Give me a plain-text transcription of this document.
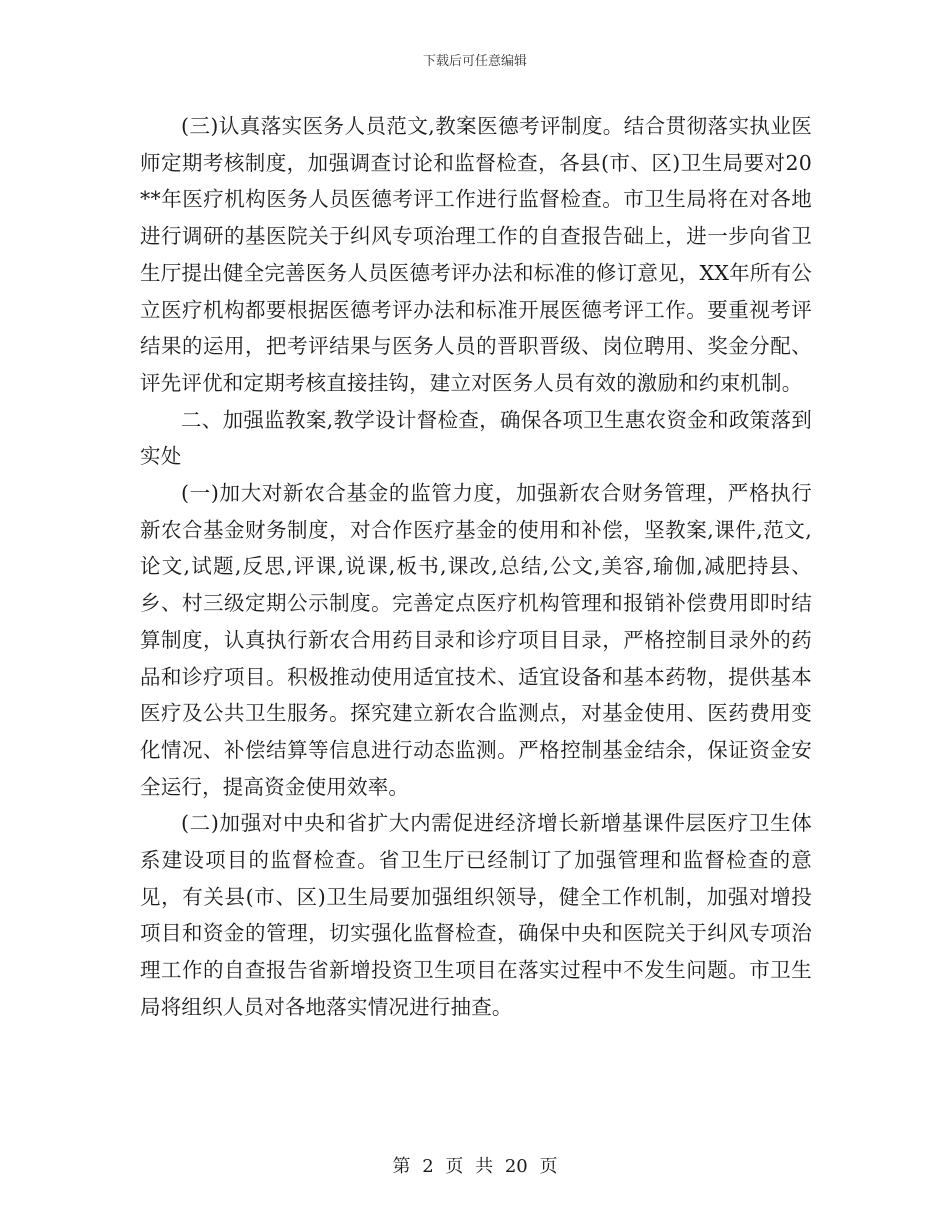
下载后可任意编辑

(三)认真落实医务人员范文,教案医德考评制度。结合贯彻落实执业医师定期考核制度，加强调查讨论和监督检查，各县(市、区)卫生局要对20**年医疗机构医务人员医德考评工作进行监督检查。市卫生局将在对各地进行调研的基医院关于纠风专项治理工作的自查报告础上，进一步向省卫生厅提出健全完善医务人员医德考评办法和标准的修订意见，XX年所有公立医疗机构都要根据医德考评办法和标准开展医德考评工作。要重视考评结果的运用，把考评结果与医务人员的晋职晋级、岗位聘用、奖金分配、评先评优和定期考核直接挂钩，建立对医务人员有效的激励和约束机制。

二、加强监教案,教学设计督检查，确保各项卫生惠农资金和政策落到实处

(一)加大对新农合基金的监管力度，加强新农合财务管理，严格执行新农合基金财务制度，对合作医疗基金的使用和补偿，坚教案,课件,范文,论文,试题,反思,评课,说课,板书,课改,总结,公文,美容,瑜伽,减肥持县、乡、村三级定期公示制度。完善定点医疗机构管理和报销补偿费用即时结算制度，认真执行新农合用药目录和诊疗项目目录，严格控制目录外的药品和诊疗项目。积极推动使用适宜技术、适宜设备和基本药物，提供基本医疗及公共卫生服务。探究建立新农合监测点，对基金使用、医药费用变化情况、补偿结算等信息进行动态监测。严格控制基金结余，保证资金安全运行，提高资金使用效率。

(二)加强对中央和省扩大内需促进经济增长新增基课件层医疗卫生体系建设项目的监督检查。省卫生厅已经制订了加强管理和监督检查的意见，有关县(市、区)卫生局要加强组织领导，健全工作机制，加强对增投项目和资金的管理，切实强化监督检查，确保中央和医院关于纠风专项治理工作的自查报告省新增投资卫生项目在落实过程中不发生问题。市卫生局将组织人员对各地落实情况进行抽查。

第 2 页 共 20 页
